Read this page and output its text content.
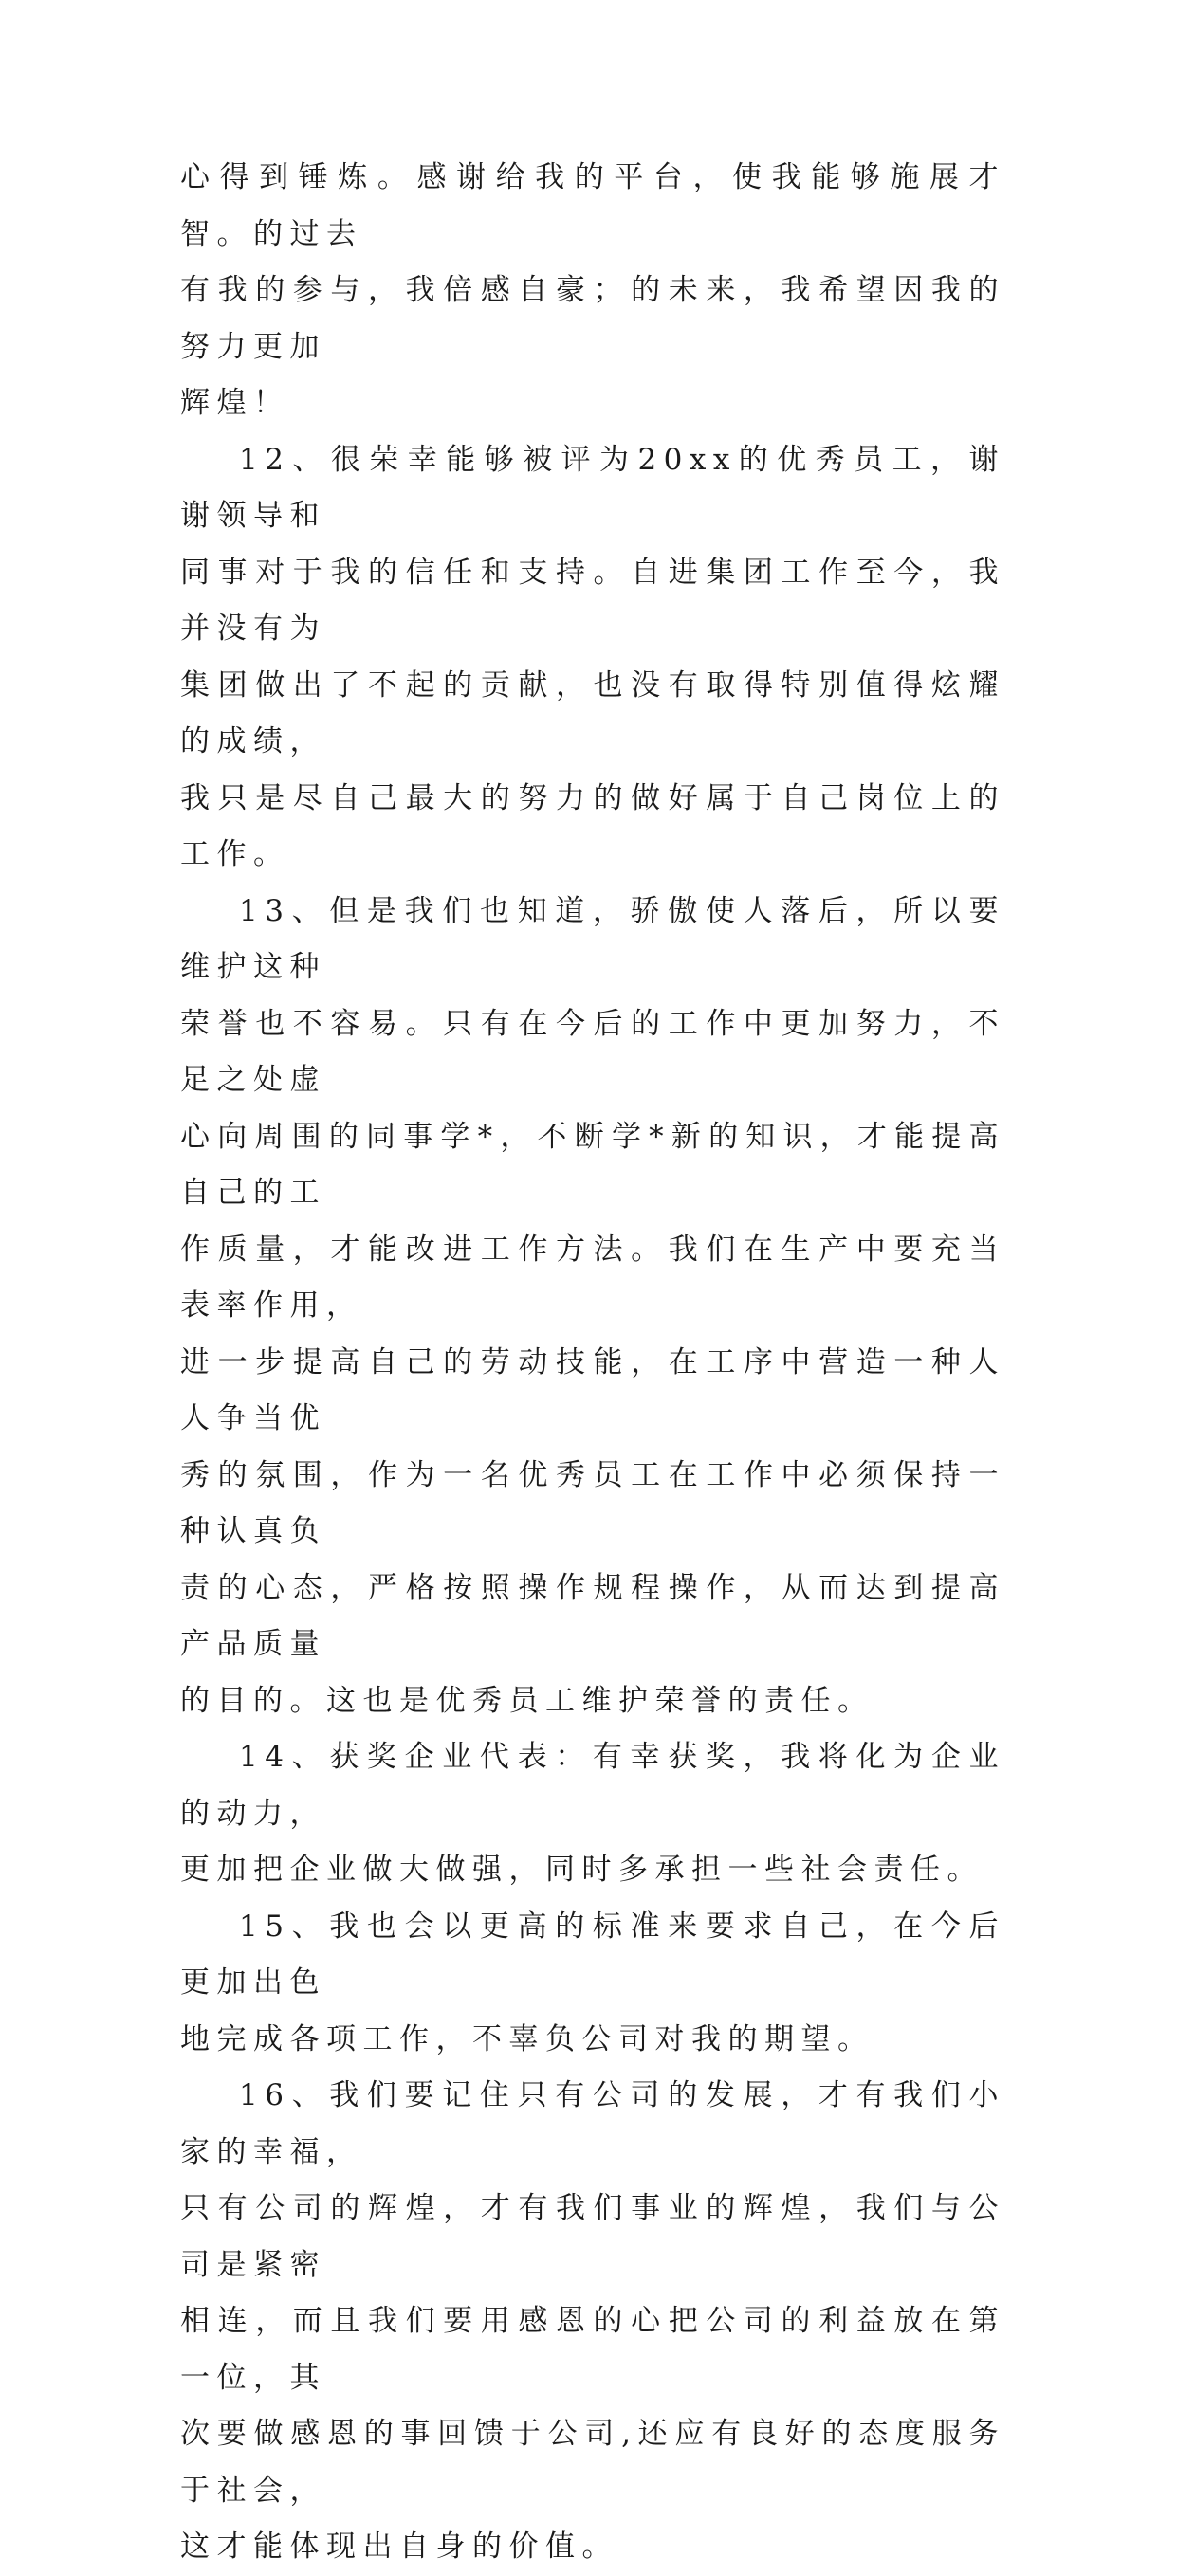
心得到锤炼。感谢给我的平台，使我能够施展才智。的过去
有我的参与，我倍感自豪；的未来，我希望因我的努力更加
辉煌！
12、很荣幸能够被评为20xx的优秀员工，谢谢领导和
同事对于我的信任和支持。自进集团工作至今，我并没有为
集团做出了不起的贡献，也没有取得特别值得炫耀的成绩，
我只是尽自己最大的努力的做好属于自己岗位上的工作。
13、但是我们也知道，骄傲使人落后，所以要维护这种
荣誉也不容易。只有在今后的工作中更加努力，不足之处虚
心向周围的同事学*，不断学*新的知识，才能提高自己的工
作质量，才能改进工作方法。我们在生产中要充当表率作用，
进一步提高自己的劳动技能，在工序中营造一种人人争当优
秀的氛围，作为一名优秀员工在工作中必须保持一种认真负
责的心态，严格按照操作规程操作，从而达到提高产品质量
的目的。这也是优秀员工维护荣誉的责任。
14、获奖企业代表：有幸获奖，我将化为企业的动力，
更加把企业做大做强，同时多承担一些社会责任。
15、我也会以更高的标准来要求自己，在今后更加出色
地完成各项工作，不辜负公司对我的期望。
16、我们要记住只有公司的发展，才有我们小家的幸福，
只有公司的辉煌，才有我们事业的辉煌，我们与公司是紧密
相连，而且我们要用感恩的心把公司的利益放在第一位，其
次要做感恩的事回馈于公司,还应有良好的态度服务于社会，
这才能体现出自身的价值。
